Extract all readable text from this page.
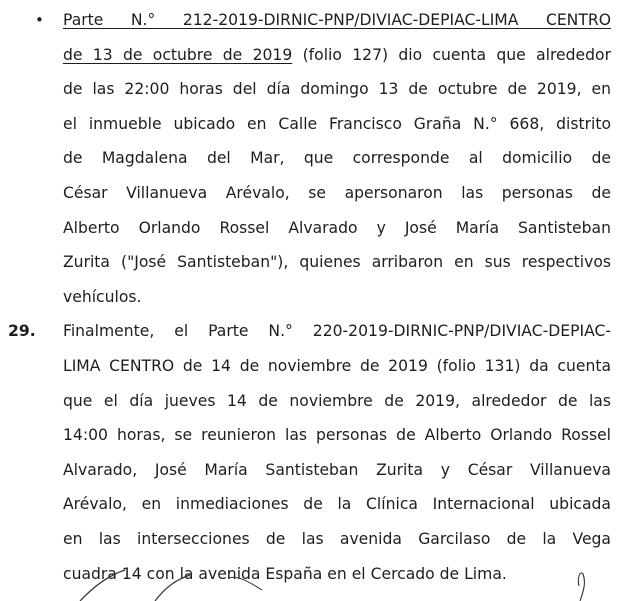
• Parte N.° 212-2019-DIRNIC-PNP/DIVIAC-DEPIAC-LIMA CENTRO
de 13 de octubre de 2019 (folio 127) dio cuenta que alrededor
de las 22:00 horas del día domingo 13 de octubre de 2019, en
el inmueble ubicado en Calle Francisco Graña N.° 668, distrito
de Magdalena del Mar, que corresponde al domicilio de
César Villanueva Arévalo, se apersonaron las personas de
Alberto Orlando Rossel Alvarado y José María Santisteban
Zurita ("José Santisteban"), quienes arribaron en sus respectivos
vehículos.
29. Finalmente, el Parte N.° 220-2019-DIRNIC-PNP/DIVIAC-DEPIAC-
LIMA CENTRO de 14 de noviembre de 2019 (folio 131) da cuenta
que el día jueves 14 de noviembre de 2019, alrededor de las
14:00 horas, se reunieron las personas de Alberto Orlando Rossel
Alvarado, José María Santisteban Zurita y César Villanueva
Arévalo, en inmediaciones de la Clínica Internacional ubicada
en las intersecciones de las avenida Garcilaso de la Vega
cuadra 14 con la avenida España en el Cercado de Lima.
